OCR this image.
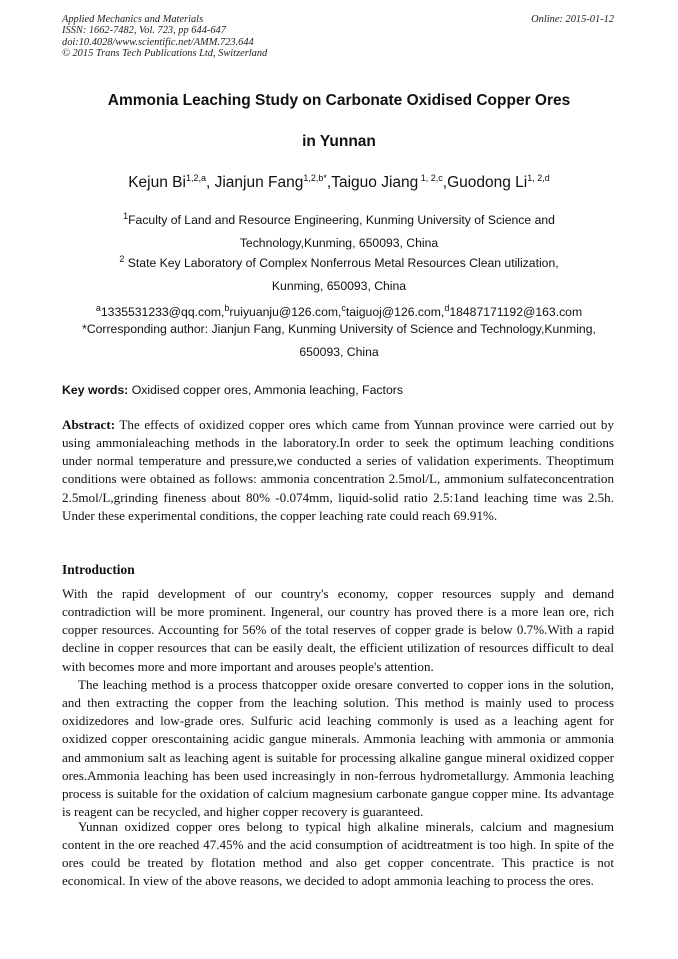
Applied Mechanics and Materials
ISSN: 1662-7482, Vol. 723, pp 644-647
doi:10.4028/www.scientific.net/AMM.723.644
© 2015 Trans Tech Publications Ltd, Switzerland
Online: 2015-01-12
Ammonia Leaching Study on Carbonate Oxidised Copper Ores
in Yunnan
Kejun Bi$^{1,2,a}$, Jianjun Fang$^{1,2,b*}$,Taiguo Jiang $^{1, 2,c}$,Guodong Li$^{1, 2,d}$
$^1$Faculty of Land and Resource Engineering, Kunming University of Science and
Technology,Kunming, 650093, China
$^2$ State Key Laboratory of Complex Nonferrous Metal Resources Clean utilization,
Kunming, 650093, China
$^a$1335531233@qq.com,$^b$ruiyuanju@126.com,$^c$taiguoj@126.com,$^d$18487171192@163.com
*Corresponding author: Jianjun Fang, Kunming University of Science and Technology,Kunming,
650093, China
Key words: Oxidised copper ores, Ammonia leaching, Factors

Abstract: The effects of oxidized copper ores which came from Yunnan province were carried out by using ammonialeaching methods in the laboratory.In order to seek the optimum leaching conditions under normal temperature and pressure,we conducted a series of validation experiments. Theoptimum conditions were obtained as follows: ammonia concentration 2.5mol/L, ammonium sulfateconcentration 2.5mol/L,grinding fineness about 80% -0.074mm, liquid-solid ratio 2.5:1and leaching time was 2.5h. Under these experimental conditions, the copper leaching rate could reach 69.91%.

Introduction

With the rapid development of our country's economy, copper resources supply and demand contradiction will be more prominent. Ingeneral, our country has proved there is a more lean ore, rich copper resources. Accounting for 56% of the total reserves of copper grade is below 0.7%.With a rapid decline in copper resources that can be easily dealt, the efficient utilization of resources difficult to deal with becomes more and more important and arouses people's attention.

The leaching method is a process thatcopper oxide oresare converted to copper ions in the solution, and then extracting the copper from the leaching solution. This method is mainly used to process oxidizedores and low-grade ores. Sulfuric acid leaching commonly is used as a leaching agent for oxidized copper orescontaining acidic gangue minerals. Ammonia leaching with ammonia or ammonia and ammonium salt as leaching agent is suitable for processing alkaline gangue mineral oxidized copper ores.Ammonia leaching has been used increasingly in non-ferrous hydrometallurgy. Ammonia leaching process is suitable for the oxidation of calcium magnesium carbonate gangue copper mine. Its advantage is reagent can be recycled, and higher copper recovery is guaranteed.

Yunnan oxidized copper ores belong to typical high alkaline minerals, calcium and magnesium content in the ore reached 47.45% and the acid consumption of acidtreatment is too high. In spite of the ores could be treated by flotation method and also get copper concentrate. This practice is not economical. In view of the above reasons, we decided to adopt ammonia leaching to process the ores.
